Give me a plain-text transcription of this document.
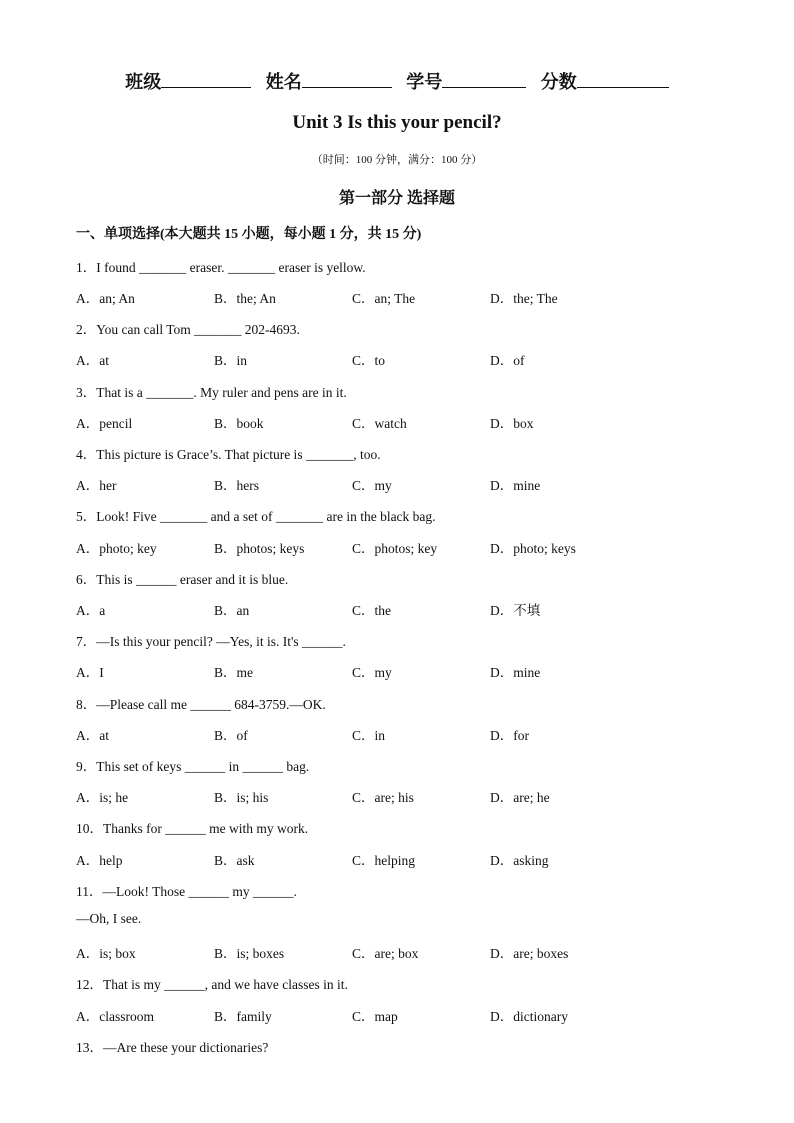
班级	姓名	学号	分数
Unit 3 Is this your pencil?
（时间：100 分钟，满分：100 分）
第一部分 选择题
一、单项选择(本大题共 15 小题，每小题 1 分，共 15 分)
1．I found _______ eraser. _______ eraser is yellow.
A．an; An	B．the; An	C．an; The	D．the; The
2．You can call Tom _______ 202-4693.
A．at	B．in	C．to	D．of
3．That is a _______. My ruler and pens are in it.
A．pencil	B．book	C．watch	D．box
4．This picture is Grace’s. That picture is _______, too.
A．her	B．hers	C．my	D．mine
5．Look! Five _______ and a set of _______ are in the black bag.
A．photo; key	B．photos; keys	C．photos; key	D．photo; keys
6．This is ______ eraser and it is blue.
A．a	B．an	C．the	D．不填
7．—Is this your pencil? —Yes, it is. It's ______.
A．I	B．me	C．my	D．mine
8．—Please call me ______ 684-3759.—OK.
A．at	B．of	C．in	D．for
9．This set of keys ______ in ______ bag.
A．is; he	B．is; his	C．are; his	D．are; he
10．Thanks for ______ me with my work.
A．help	B．ask	C．helping	D．asking
11．—Look! Those ______ my ______.
—Oh, I see.
A．is; box	B．is; boxes	C．are; box	D．are; boxes
12．That is my ______, and we have classes in it.
A．classroom	B．family	C．map	D．dictionary
13．—Are these your dictionaries?
